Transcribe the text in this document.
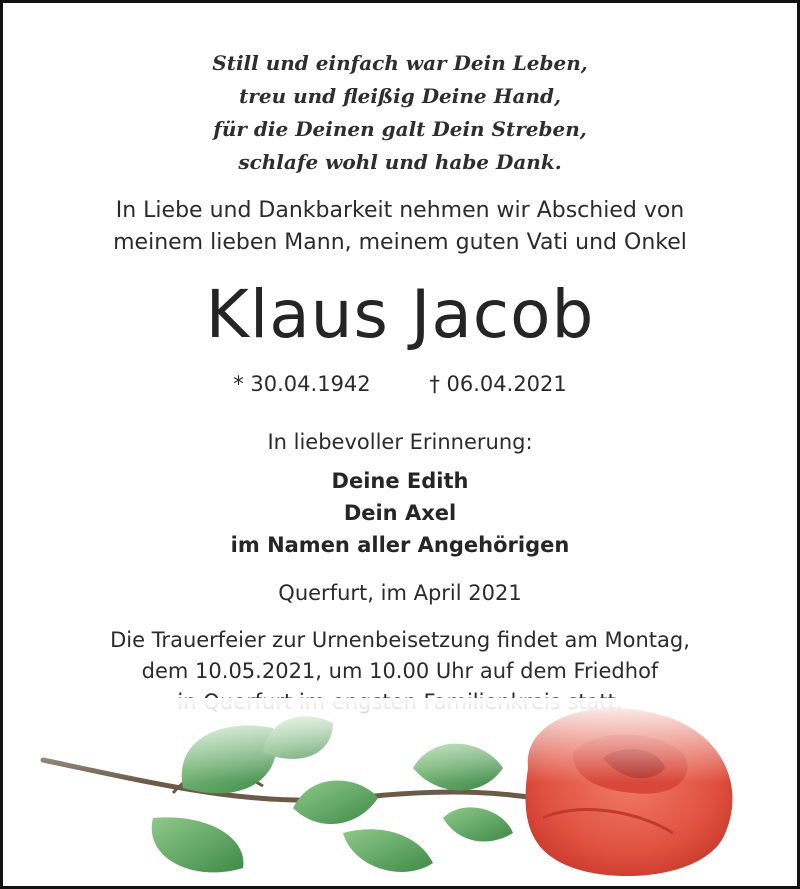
Still und einfach war Dein Leben,
treu und fleißig Deine Hand,
für die Deinen galt Dein Streben,
schlafe wohl und habe Dank.
In Liebe und Dankbarkeit nehmen wir Abschied von
meinem lieben Mann, meinem guten Vati und Onkel
Klaus Jacob
* 30.04.1942	† 06.04.2021
In liebevoller Erinnerung:
Deine Edith
Dein Axel
im Namen aller Angehörigen
Querfurt, im April 2021
Die Trauerfeier zur Urnenbeisetzung findet am Montag,
dem 10.05.2021, um 10.00 Uhr auf dem Friedhof
